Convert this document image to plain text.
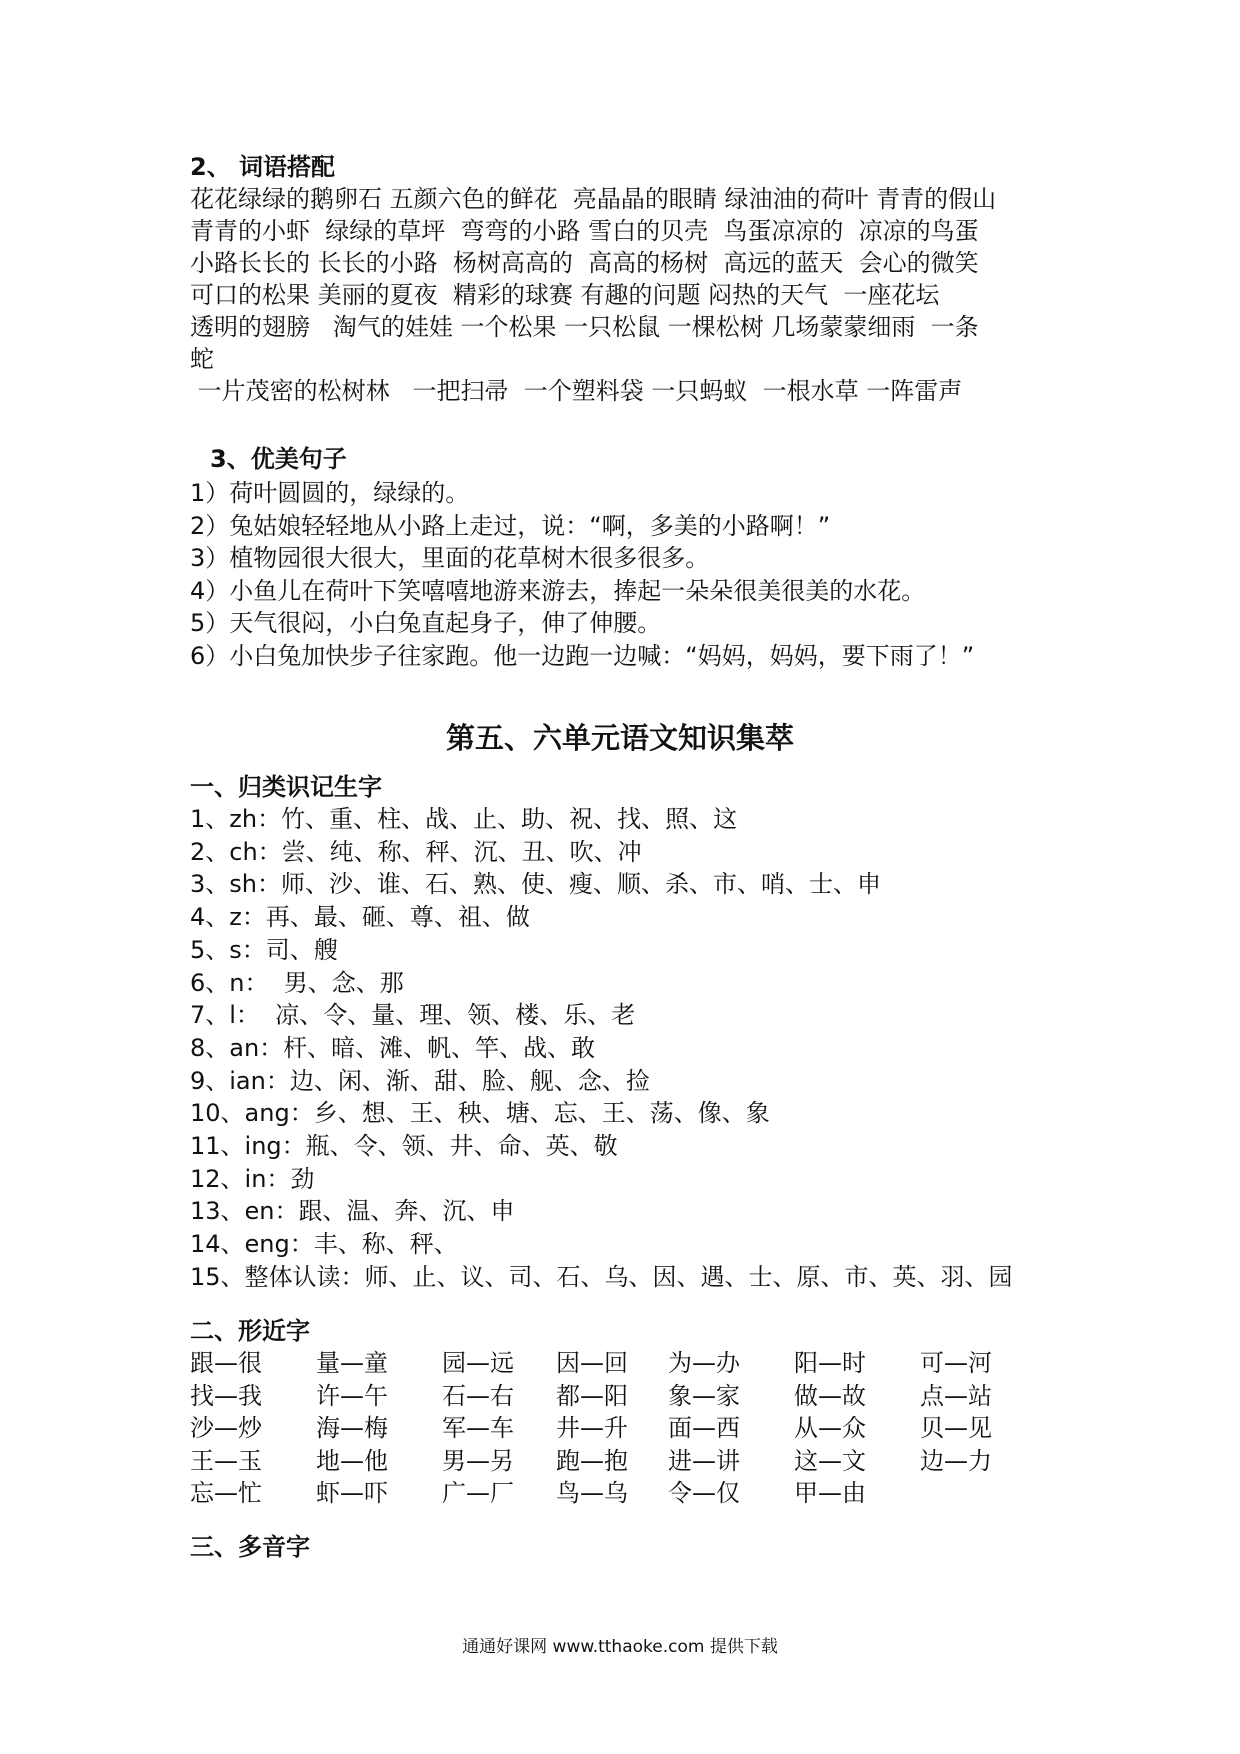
2、 词语搭配
花花绿绿的鹅卵石 五颜六色的鲜花  亮晶晶的眼睛 绿油油的荷叶 青青的假山
青青的小虾  绿绿的草坪  弯弯的小路 雪白的贝壳  鸟蛋凉凉的  凉凉的鸟蛋
小路长长的 长长的小路  杨树高高的  高高的杨树  高远的蓝天  会心的微笑
可口的松果 美丽的夏夜  精彩的球赛 有趣的问题 闷热的天气  一座花坛
透明的翅膀   淘气的娃娃 一个松果 一只松鼠 一棵松树 几场蒙蒙细雨  一条
蛇
一片茂密的松树林   一把扫帚  一个塑料袋 一只蚂蚁  一根水草 一阵雷声
3、优美句子
1）荷叶圆圆的，绿绿的。
2）兔姑娘轻轻地从小路上走过，说：“啊，多美的小路啊！”
3）植物园很大很大，里面的花草树木很多很多。
4）小鱼儿在荷叶下笑嘻嘻地游来游去，捧起一朵朵很美很美的水花。
5）天气很闷，小白兔直起身子，伸了伸腰。
6）小白兔加快步子往家跑。他一边跑一边喊：“妈妈，妈妈，要下雨了！”
第五、六单元语文知识集萃
一、归类识记生字
1、zh：竹、重、柱、战、止、助、祝、找、照、这
2、ch：尝、纯、称、秤、沉、丑、吹、冲
3、sh：师、沙、谁、石、熟、使、瘦、顺、杀、市、哨、士、申
4、z：再、最、砸、尊、祖、做
5、s：司、艘
6、n：  男、念、那
7、l：  凉、令、量、理、领、楼、乐、老
8、an：杆、暗、滩、帆、竿、战、敢
9、ian：边、闲、渐、甜、脸、舰、念、捡
10、ang：乡、想、王、秧、塘、忘、王、荡、像、象
11、ing：瓶、令、领、井、命、英、敬
12、in：劲
13、en：跟、温、奔、沉、申
14、eng：丰、称、秤、
15、整体认读：师、止、议、司、石、乌、因、遇、士、原、市、英、羽、园
二、形近字
跟—很 量—童 园—远 因—回 为—办 阳—时 可—河
找—我 许—午 石—右 都—阳 象—家 做—故 点—站
沙—炒 海—梅 军—车 井—升 面—西 从—众 贝—见
王—玉 地—他 男—另 跑—抱 进—讲 这—文 边—力
忘—忙 虾—吓 广—厂 鸟—乌 令—仅 甲—由
三、多音字
通通好课网 www.tthaoke.com 提供下载
